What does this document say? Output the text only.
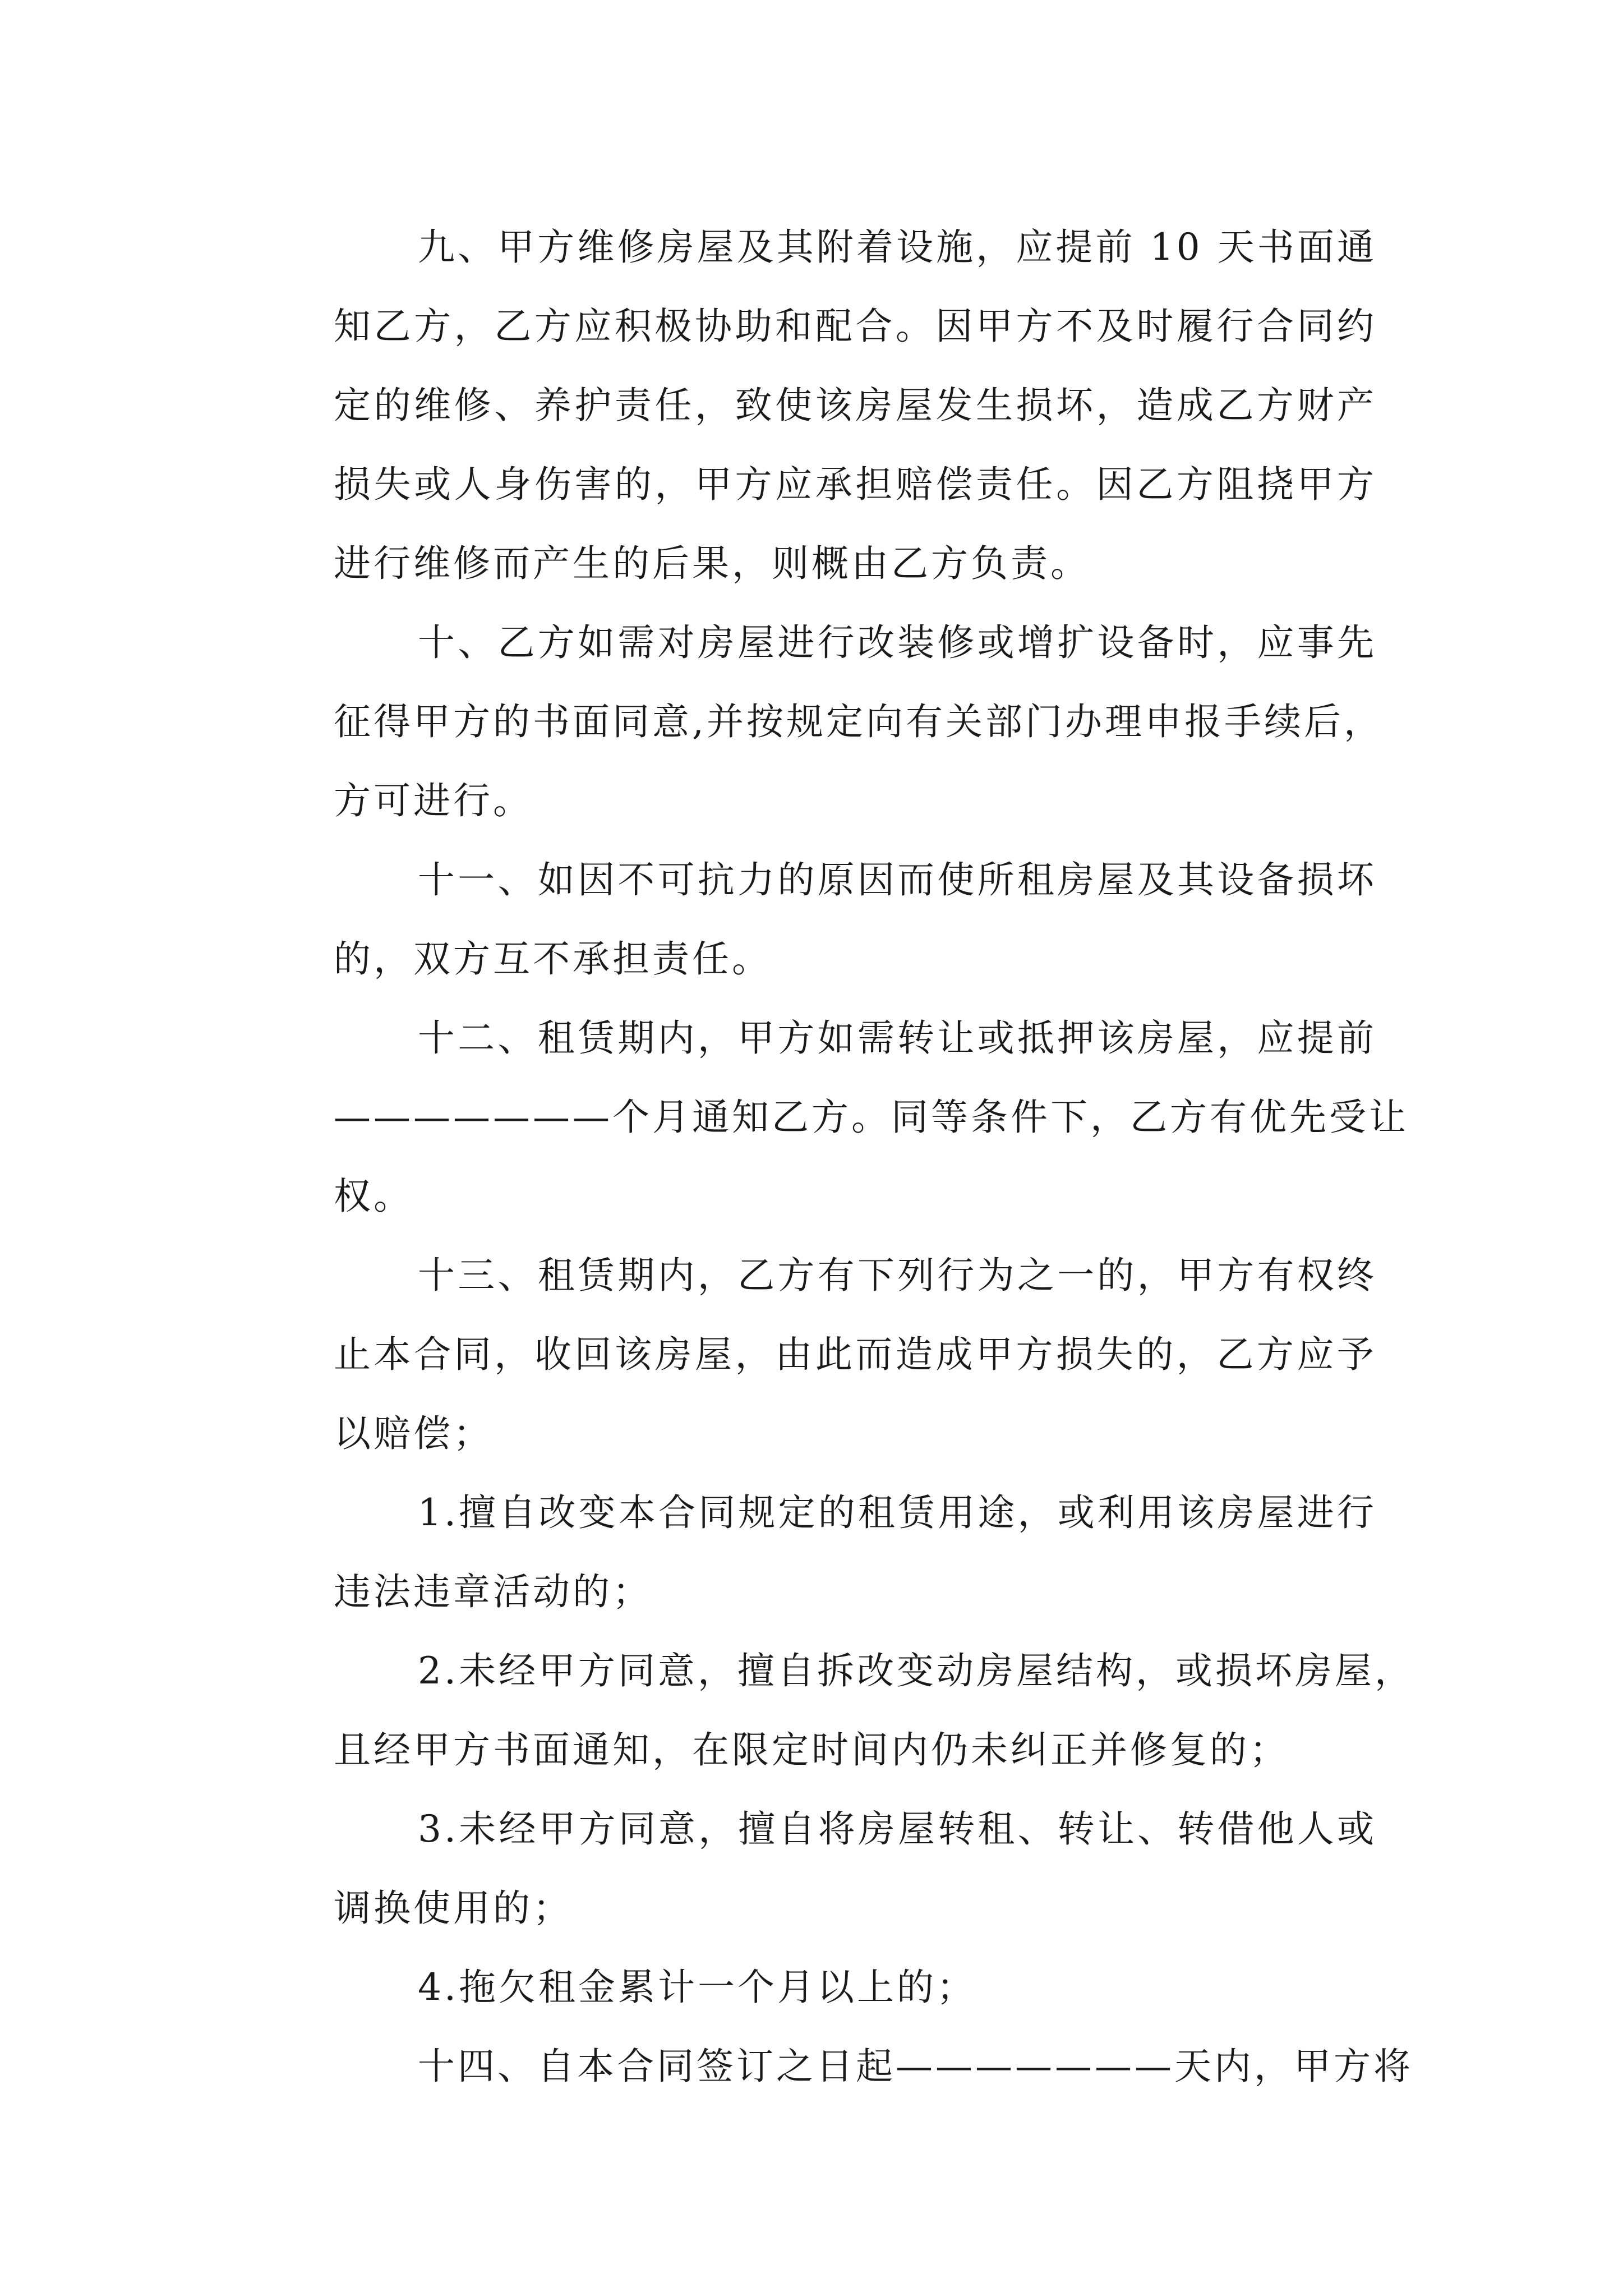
九、甲方维修房屋及其附着设施，应提前 10 天书面通
知乙方，乙方应积极协助和配合。因甲方不及时履行合同约
定的维修、养护责任，致使该房屋发生损坏，造成乙方财产
损失或人身伤害的，甲方应承担赔偿责任。因乙方阻挠甲方
进行维修而产生的后果，则概由乙方负责。
十、乙方如需对房屋进行改装修或增扩设备时，应事先
征得甲方的书面同意,并按规定向有关部门办理申报手续后，
方可进行。
十一、如因不可抗力的原因而使所租房屋及其设备损坏
的，双方互不承担责任。
十二、租赁期内，甲方如需转让或抵押该房屋，应提前
———————个月通知乙方。同等条件下，乙方有优先受让
权。
十三、租赁期内，乙方有下列行为之一的，甲方有权终
止本合同，收回该房屋，由此而造成甲方损失的，乙方应予
以赔偿；
1.擅自改变本合同规定的租赁用途，或利用该房屋进行
违法违章活动的；
2.未经甲方同意，擅自拆改变动房屋结构，或损坏房屋，
且经甲方书面通知，在限定时间内仍未纠正并修复的；
3.未经甲方同意，擅自将房屋转租、转让、转借他人或
调换使用的；
4.拖欠租金累计一个月以上的；
十四、自本合同签订之日起———————天内，甲方将
